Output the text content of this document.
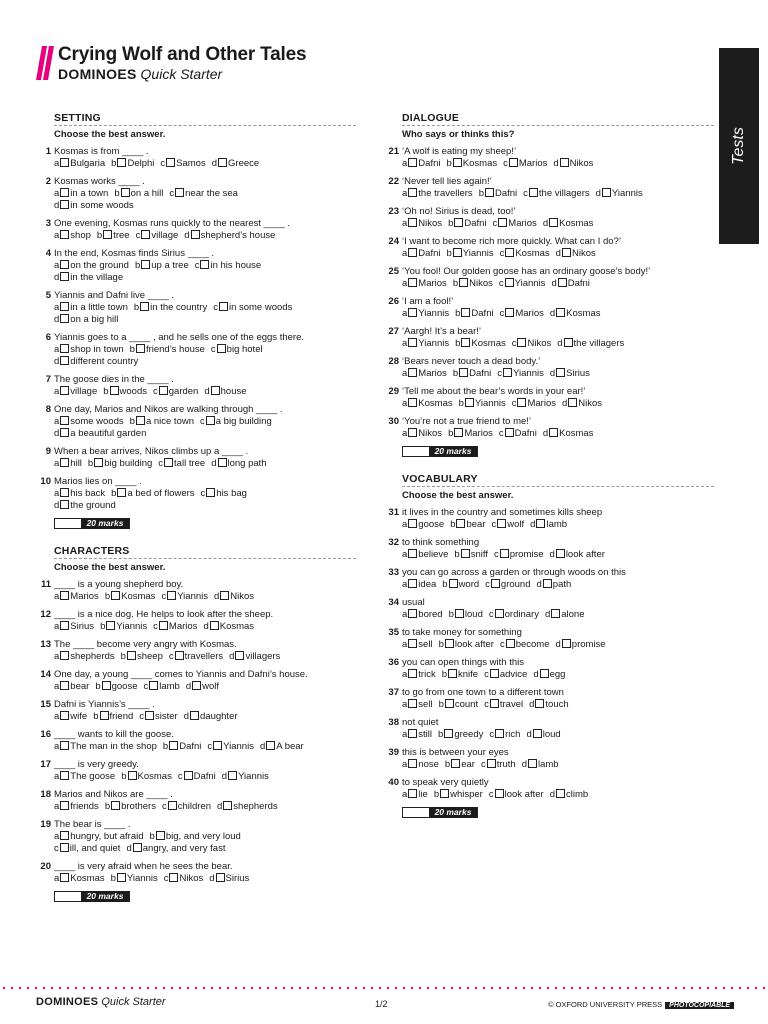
Crying Wolf and Other Tales
DOMINOES Quick Starter
Tests
SETTING
Choose the best answer.
1 Kosmas is from ____ .
a Bulgaria b Delphi c Samos d Greece
2 Kosmas works ____ .
a in a town b on a hill c near the sea
d in some woods
3 One evening, Kosmas runs quickly to the nearest ____ .
a shop b tree c village d shepherd’s house
4 In the end, Kosmas finds Sirius ____ .
a on the ground b up a tree c in his house
d in the village
5 Yiannis and Dafni live ____ .
a in a little town b in the country c in some woods
d on a big hill
6 Yiannis goes to a ____ , and he sells one of the eggs there.
a shop in town b friend’s house c big hotel
d different country
7 The goose dies in the ____ .
a village b woods c garden d house
8 One day, Marios and Nikos are walking through ____ .
a some woods b a nice town c a big building
d a beautiful garden
9 When a bear arrives, Nikos climbs up a ____ .
a hill b big building c tall tree d long path
10 Marios lies on ____ .
a his back b a bed of flowers c his bag
d the ground
20 marks
CHARACTERS
Choose the best answer.
11 ____ is a young shepherd boy.
a Marios b Kosmas c Yiannis d Nikos
12 ____ is a nice dog. He helps to look after the sheep.
a Sirius b Yiannis c Marios d Kosmas
13 The ____ become very angry with Kosmas.
a shepherds b sheep c travellers d villagers
14 One day, a young ____ comes to Yiannis and Dafni’s house.
a bear b goose c lamb d wolf
15 Dafni is Yiannis’s ____ .
a wife b friend c sister d daughter
16 ____ wants to kill the goose.
a The man in the shop b Dafni c Yiannis d A bear
17 ____ is very greedy.
a The goose b Kosmas c Dafni d Yiannis
18 Marios and Nikos are ____ .
a friends b brothers c children d shepherds
19 The bear is ____ .
a hungry, but afraid b big, and very loud
c ill, and quiet d angry, and very fast
20 ____ is very afraid when he sees the bear.
a Kosmas b Yiannis c Nikos d Sirius
20 marks
DIALOGUE
Who says or thinks this?
21 ‘A wolf is eating my sheep!’
a Dafni b Kosmas c Marios d Nikos
22 ‘Never tell lies again!’
a the travellers b Dafni c the villagers d Yiannis
23 ‘Oh no! Sirius is dead, too!’
a Nikos b Dafni c Marios d Kosmas
24 ‘I want to become rich more quickly. What can I do?’
a Dafni b Yiannis c Kosmas d Nikos
25 ‘You fool! Our golden goose has an ordinary goose’s body!’
a Marios b Nikos c Yiannis d Dafni
26 ‘I am a fool!’
a Yiannis b Dafni c Marios d Kosmas
27 ‘Aargh! It’s a bear!’
a Yiannis b Kosmas c Nikos d the villagers
28 ‘Bears never touch a dead body.’
a Marios b Dafni c Yiannis d Sirius
29 ‘Tell me about the bear’s words in your ear!’
a Kosmas b Yiannis c Marios d Nikos
30 ‘You’re not a true friend to me!’
a Nikos b Marios c Dafni d Kosmas
20 marks
VOCABULARY
Choose the best answer.
31 it lives in the country and sometimes kills sheep
a goose b bear c wolf d lamb
32 to think something
a believe b sniff c promise d look after
33 you can go across a garden or through woods on this
a idea b word c ground d path
34 usual
a bored b loud c ordinary d alone
35 to take money for something
a sell b look after c become d promise
36 you can open things with this
a trick b knife c advice d egg
37 to go from one town to a different town
a sell b count c travel d touch
38 not quiet
a still b greedy c rich d loud
39 this is between your eyes
a nose b ear c truth d lamb
40 to speak very quietly
a lie b whisper c look after d climb
20 marks
DOMINOES Quick Starter	1/2	© OXFORD UNIVERSITY PRESS PHOTOCOPIABLE
